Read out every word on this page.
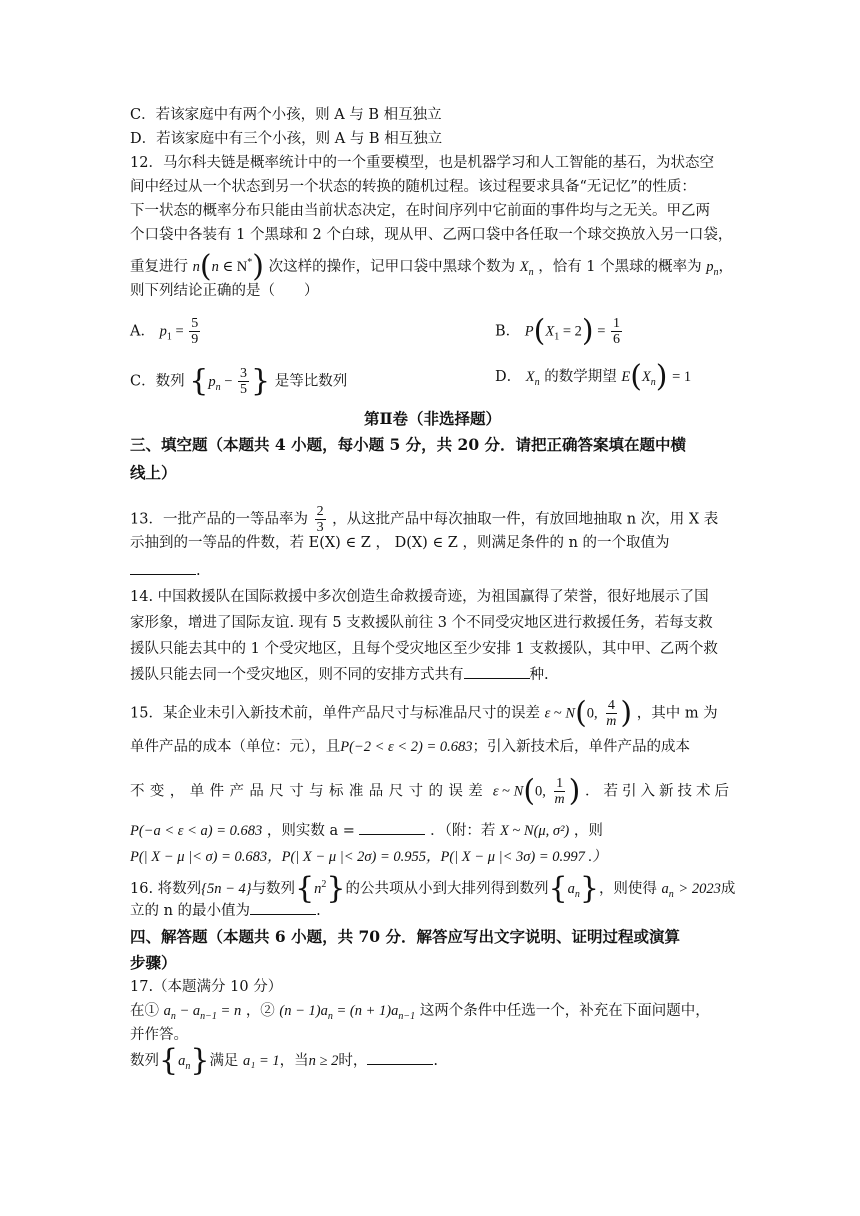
C．若该家庭中有两个小孩，则 A 与 B 相互独立
D．若该家庭中有三个小孩，则 A 与 B 相互独立
12．马尔科夫链是概率统计中的一个重要模型，也是机器学习和人工智能的基石，为状态空
间中经过从一个状态到另一个状态的转换的随机过程。该过程要求具备“无记忆”的性质：
下一状态的概率分布只能由当前状态决定，在时间序列中它前面的事件均与之无关。甲乙两
个口袋中各装有 1 个黑球和 2 个白球，现从甲、乙两口袋中各任取一个球交换放入另一口袋，
重复进行 n(n ∈ N*) 次这样的操作，记甲口袋中黑球个数为 $X_n$ ，恰有 1 个黑球的概率为 $p_n$，
则下列结论正确的是（　　）
A． $p_1 = \frac{5}{9}$	B． $P(X_1 = 2) = \frac{1}{6}$
C．数列 {$p_n - \frac{3}{5}$ } 是等比数列	D． $X_n$ 的数学期望 $E(X_n) = 1$
第Ⅱ卷（非选择题）
三、填空题（本题共 4 小题，每小题 5 分，共 20 分．请把正确答案填在题中横
线上）
13．一批产品的一等品率为 $\frac{2}{3}$ ，从这批产品中每次抽取一件，有放回地抽取 n 次，用 X 表
示抽到的一等品的件数，若 E(X) ∈ Z ， D(X) ∈ Z ，则满足条件的 n 的一个取值为
.
14. 中国救援队在国际救援中多次创造生命救援奇迹，为祖国赢得了荣誉，很好地展示了国
家形象，增进了国际友谊. 现有 5 支救援队前往 3 个不同受灾地区进行救援任务，若每支救
援队只能去其中的 1 个受灾地区，且每个受灾地区至少安排 1 支救援队，其中甲、乙两个救
援队只能去同一个受灾地区，则不同的安排方式共有	种.
15．某企业未引入新技术前，单件产品尺寸与标准品尺寸的误差 ε ~ N(0, $\frac{4}{m}$ ) ，其中 m 为
单件产品的成本（单位：元），且P(−2 < ε < 2) = 0.683；引入新技术后，单件产品的成本
不变，单件产品尺寸与标准品尺寸的误差 ε ~ N(0, $\frac{1}{m}$ ) ．若引入新技术后
P(−a < ε < a) = 0.683 ，则实数 a =	．（附：若 X ~ N(μ, σ²) ，则
P(| X − μ |< σ) = 0.683，P(| X − μ |< 2σ) = 0.955，P(| X − μ |< 3σ) = 0.997 .）
16. 将数列{5n − 4}与数列$\{n^2\}$的公共项从小到大排列得到数列$\{a_n\}$，则使得 $a_n > 2023$成
立的 n 的最小值为	.
四、解答题（本题共 6 小题，共 70 分．解答应写出文字说明、证明过程或演算
步骤）
17.（本题满分 10 分）
在① $a_n - a_{n-1} = n$ ，② $(n - 1)a_n = (n + 1)a_{n-1}$ 这两个条件中任选一个，补充在下面问题中，
并作答。
数列$\{a_n\}$满足 a₁ = 1，当n ≥ 2时，	.
